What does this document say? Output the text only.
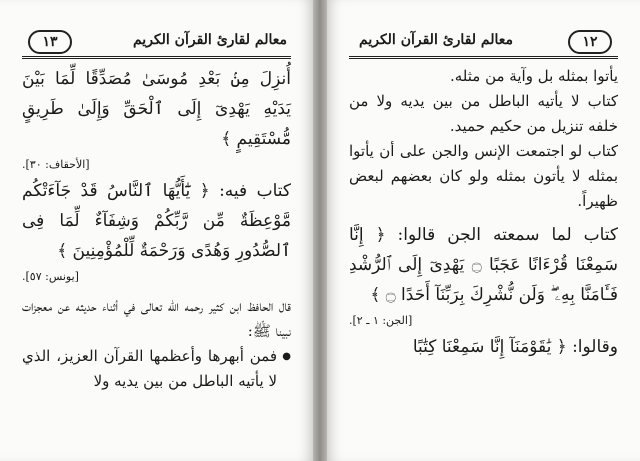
معالم لقارئ القرآن الكريم
١٣

أُنزِلَ مِنۢ بَعْدِ مُوسَىٰ مُصَدِّقًا لِّمَا بَيْنَ يَدَيْهِ يَهْدِىٓ إِلَى ٱلْحَقِّ وَإِلَىٰ طَرِيقٍ مُّسْتَقِيمٍ ﴾

[الأحقاف: ٣٠].

كتاب فيه: ﴿ يَٰٓأَيُّهَا ٱلنَّاسُ قَدْ جَآءَتْكُم مَّوْعِظَةٌ مِّن رَّبِّكُمْ وَشِفَآءٌ لِّمَا فِى ٱلصُّدُورِ وَهُدًى وَرَحْمَةٌ لِّلْمُؤْمِنِينَ ﴾

[يونس: ٥٧].

قال الحافظ ابن كثير رحمه الله تعالى في أثناء حديثه عن معجزات نبينا ﷺ:

● فمن أبهرها وأعظمها القرآن العزيز، الذي لا يأتيه الباطل من بين يديه ولا

معالم لقارئ القرآن الكريم	١٢

يأتوا بمثله بل وآية من مثله.

كتاب لا يأتيه الباطل من بين يديه ولا من خلفه تنزيل من حكيم حميد.

كتاب لو اجتمعت الإنس والجن على أن يأتوا بمثله لا يأتون بمثله ولو كان بعضهم لبعض ظهيراً.

كتاب لما سمعته الجن قالوا: ﴿ إِنَّا سَمِعْنَا قُرْءَانًا عَجَبًا ۝ يَهْدِىٓ إِلَى ٱلرُّشْدِ فَـَٔامَنَّا بِهِۦ ۖ وَلَن نُّشْرِكَ بِرَبِّنَآ أَحَدًا ۝ ﴾

[الجن: ١ ـ ٢].

وقالوا: ﴿ يَٰقَوْمَنَآ إِنَّا سَمِعْنَا كِتَٰبًا
